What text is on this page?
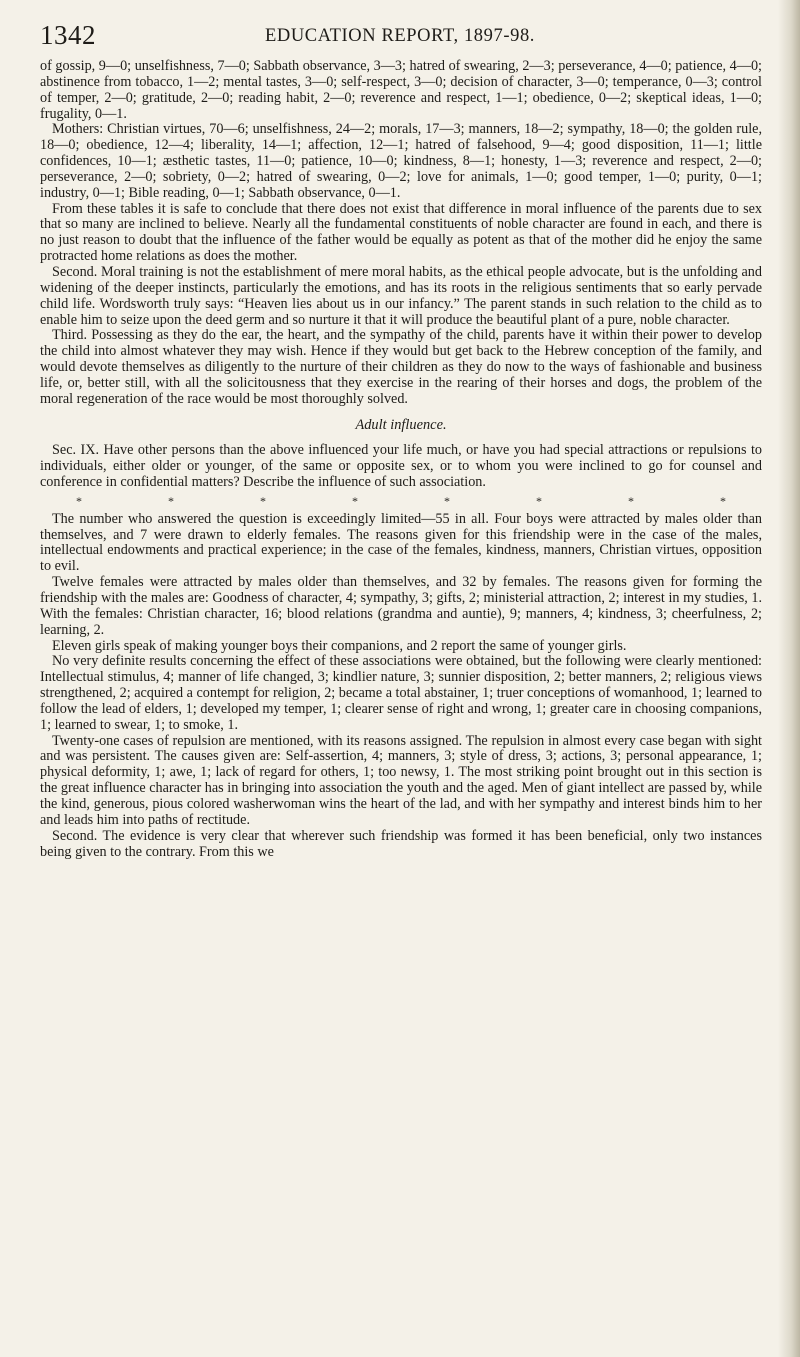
1342	EDUCATION REPORT, 1897-98.

of gossip, 9—0; unselfishness, 7—0; Sabbath observance, 3—3; hatred of swearing, 2—3; perseverance, 4—0; patience, 4—0; abstinence from tobacco, 1—2; mental tastes, 3—0; self-respect, 3—0; decision of character, 3—0; temperance, 0—3; control of temper, 2—0; gratitude, 2—0; reading habit, 2—0; reverence and respect, 1—1; obedience, 0—2; skeptical ideas, 1—0; frugality, 0—1.

Mothers: Christian virtues, 70—6; unselfishness, 24—2; morals, 17—3; manners, 18—2; sympathy, 18—0; the golden rule, 18—0; obedience, 12—4; liberality, 14—1; affection, 12—1; hatred of falsehood, 9—4; good disposition, 11—1; little confidences, 10—1; æsthetic tastes, 11—0; patience, 10—0; kindness, 8—1; honesty, 1—3; reverence and respect, 2—0; perseverance, 2—0; sobriety, 0—2; hatred of swearing, 0—2; love for animals, 1—0; good temper, 1—0; purity, 0—1; industry, 0—1; Bible reading, 0—1; Sabbath observance, 0—1.

From these tables it is safe to conclude that there does not exist that difference in moral influence of the parents due to sex that so many are inclined to believe. Nearly all the fundamental constituents of noble character are found in each, and there is no just reason to doubt that the influence of the father would be equally as potent as that of the mother did he enjoy the same protracted home relations as does the mother.

Second. Moral training is not the establishment of mere moral habits, as the ethical people advocate, but is the unfolding and widening of the deeper instincts, particularly the emotions, and has its roots in the religious sentiments that so early pervade child life. Wordsworth truly says: “Heaven lies about us in our infancy.” The parent stands in such relation to the child as to enable him to seize upon the deed germ and so nurture it that it will produce the beautiful plant of a pure, noble character.

Third. Possessing as they do the ear, the heart, and the sympathy of the child, parents have it within their power to develop the child into almost whatever they may wish. Hence if they would but get back to the Hebrew conception of the family, and would devote themselves as diligently to the nurture of their children as they do now to the ways of fashionable and business life, or, better still, with all the solicitousness that they exercise in the rearing of their horses and dogs, the problem of the moral regeneration of the race would be most thoroughly solved.

Adult influence.

Sec. IX. Have other persons than the above influenced your life much, or have you had special attractions or repulsions to individuals, either older or younger, of the same or opposite sex, or to whom you were inclined to go for counsel and conference in confidential matters? Describe the influence of such association.

*	*	*	*	*	*	*	*

The number who answered the question is exceedingly limited—55 in all. Four boys were attracted by males older than themselves, and 7 were drawn to elderly females. The reasons given for this friendship were in the case of the males, intellectual endowments and practical experience; in the case of the females, kindness, manners, Christian virtues, opposition to evil.

Twelve females were attracted by males older than themselves, and 32 by females. The reasons given for forming the friendship with the males are: Goodness of character, 4; sympathy, 3; gifts, 2; ministerial attraction, 2; interest in my studies, 1. With the females: Christian character, 16; blood relations (grandma and auntie), 9; manners, 4; kindness, 3; cheerfulness, 2; learning, 2.

Eleven girls speak of making younger boys their companions, and 2 report the same of younger girls.

No very definite results concerning the effect of these associations were obtained, but the following were clearly mentioned: Intellectual stimulus, 4; manner of life changed, 3; kindlier nature, 3; sunnier disposition, 2; better manners, 2; religious views strengthened, 2; acquired a contempt for religion, 2; became a total abstainer, 1; truer conceptions of womanhood, 1; learned to follow the lead of elders, 1; developed my temper, 1; clearer sense of right and wrong, 1; greater care in choosing companions, 1; learned to swear, 1; to smoke, 1.

Twenty-one cases of repulsion are mentioned, with its reasons assigned. The repulsion in almost every case began with sight and was persistent. The causes given are: Self-assertion, 4; manners, 3; style of dress, 3; actions, 3; personal appearance, 1; physical deformity, 1; awe, 1; lack of regard for others, 1; too newsy, 1. The most striking point brought out in this section is the great influence character has in bringing into association the youth and the aged. Men of giant intellect are passed by, while the kind, generous, pious colored washerwoman wins the heart of the lad, and with her sympathy and interest binds him to her and leads him into paths of rectitude.

Second. The evidence is very clear that wherever such friendship was formed it has been beneficial, only two instances being given to the contrary. From this we
